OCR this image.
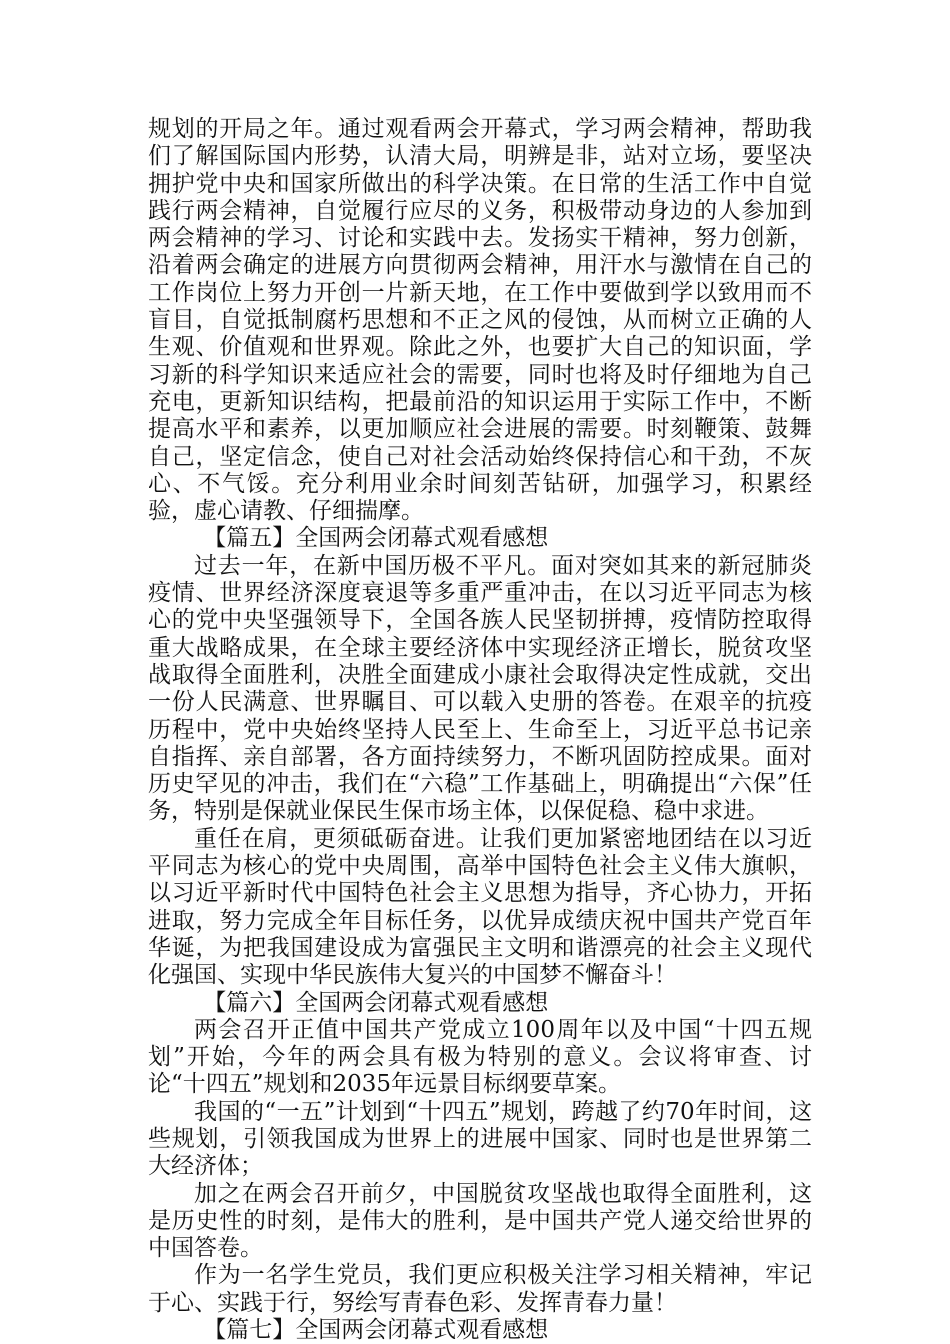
规划的开局之年。通过观看两会开幕式，学习两会精神，帮助我们了解国际国内形势，认清大局，明辨是非，站对立场，要坚决拥护党中央和国家所做出的科学决策。在日常的生活工作中自觉践行两会精神，自觉履行应尽的义务，积极带动身边的人参加到两会精神的学习、讨论和实践中去。发扬实干精神，努力创新，沿着两会确定的进展方向贯彻两会精神，用汗水与激情在自己的工作岗位上努力开创一片新天地，在工作中要做到学以致用而不盲目，自觉抵制腐朽思想和不正之风的侵蚀，从而树立正确的人生观、价值观和世界观。除此之外，也要扩大自己的知识面，学习新的科学知识来适应社会的需要，同时也将及时仔细地为自己充电，更新知识结构，把最前沿的知识运用于实际工作中，不断提高水平和素养，以更加顺应社会进展的需要。时刻鞭策、鼓舞自己，坚定信念，使自己对社会活动始终保持信心和干劲，不灰心、不气馁。充分利用业余时间刻苦钻研，加强学习，积累经验，虚心请教、仔细揣摩。

【篇五】全国两会闭幕式观看感想

过去一年，在新中国历极不平凡。面对突如其来的新冠肺炎疫情、世界经济深度衰退等多重严重冲击，在以习近平同志为核心的党中央坚强领导下，全国各族人民坚韧拼搏，疫情防控取得重大战略成果，在全球主要经济体中实现经济正增长，脱贫攻坚战取得全面胜利，决胜全面建成小康社会取得决定性成就，交出一份人民满意、世界瞩目、可以载入史册的答卷。在艰辛的抗疫历程中，党中央始终坚持人民至上、生命至上，习近平总书记亲自指挥、亲自部署，各方面持续努力，不断巩固防控成果。面对历史罕见的冲击，我们在“六稳”工作基础上，明确提出“六保”任务，特别是保就业保民生保市场主体，以保促稳、稳中求进。

重任在肩，更须砥砺奋进。让我们更加紧密地团结在以习近平同志为核心的党中央周围，高举中国特色社会主义伟大旗帜，以习近平新时代中国特色社会主义思想为指导，齐心协力，开拓进取，努力完成全年目标任务，以优异成绩庆祝中国共产党百年华诞，为把我国建设成为富强民主文明和谐漂亮的社会主义现代化强国、实现中华民族伟大复兴的中国梦不懈奋斗！

【篇六】全国两会闭幕式观看感想

两会召开正值中国共产党成立100周年以及中国“十四五规划”开始，今年的两会具有极为特别的意义。会议将审查、讨论“十四五”规划和2035年远景目标纲要草案。

我国的“一五”计划到“十四五”规划，跨越了约70年时间，这些规划，引领我国成为世界上的进展中国家、同时也是世界第二大经济体；

加之在两会召开前夕，中国脱贫攻坚战也取得全面胜利，这是历史性的时刻，是伟大的胜利，是中国共产党人递交给世界的中国答卷。

作为一名学生党员，我们更应积极关注学习相关精神，牢记于心、实践于行，努绘写青春色彩、发挥青春力量！

【篇七】全国两会闭幕式观看感想
